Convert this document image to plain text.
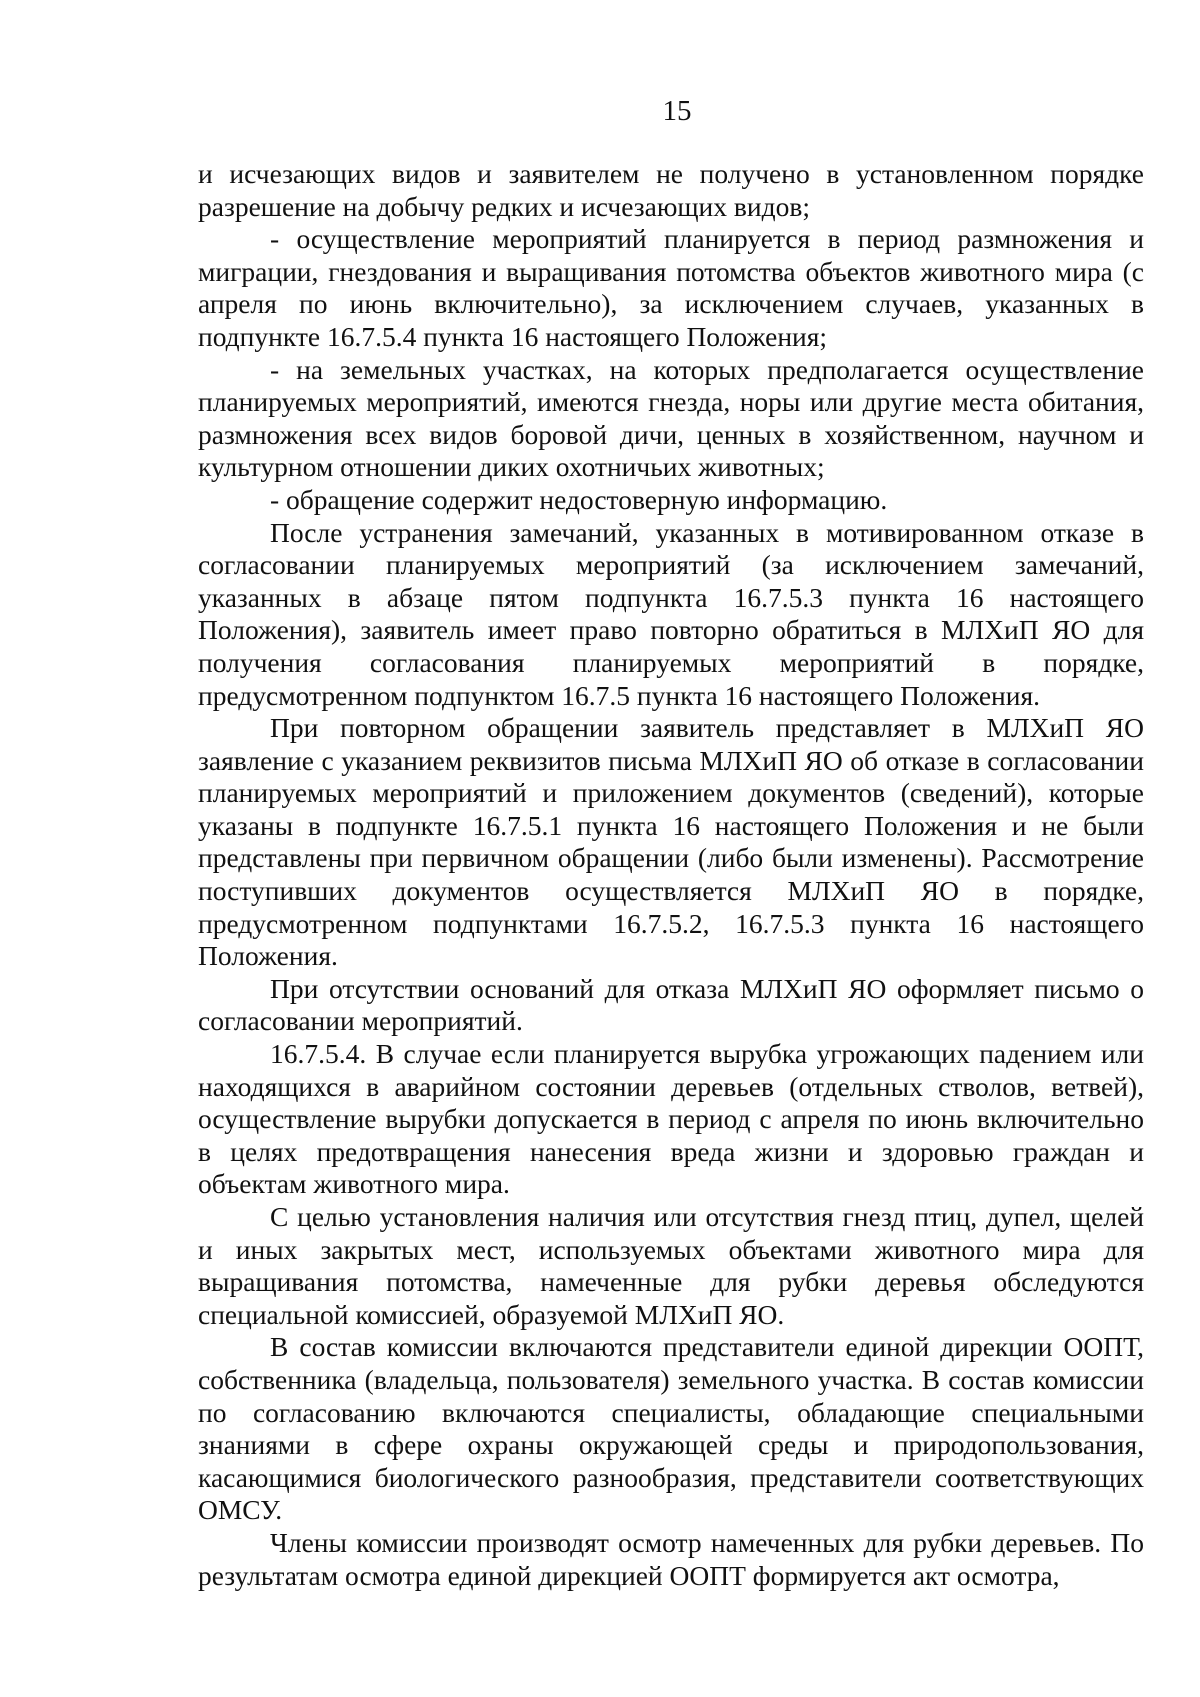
15

и исчезающих видов и заявителем не получено в установленном порядке разрешение на добычу редких и исчезающих видов;

- осуществление мероприятий планируется в период размножения и миграции, гнездования и выращивания потомства объектов животного мира (с апреля по июнь включительно), за исключением случаев, указанных в подпункте 16.7.5.4 пункта 16 настоящего Положения;

- на земельных участках, на которых предполагается осуществление планируемых мероприятий, имеются гнезда, норы или другие места обитания, размножения всех видов боровой дичи, ценных в хозяйственном, научном и культурном отношении диких охотничьих животных;

- обращение содержит недостоверную информацию.

После устранения замечаний, указанных в мотивированном отказе в согласовании планируемых мероприятий (за исключением замечаний, указанных в абзаце пятом подпункта 16.7.5.3 пункта 16 настоящего Положения), заявитель имеет право повторно обратиться в МЛХиП ЯО для получения согласования планируемых мероприятий в порядке, предусмотренном подпунктом 16.7.5 пункта 16 настоящего Положения.

При повторном обращении заявитель представляет в МЛХиП ЯО заявление с указанием реквизитов письма МЛХиП ЯО об отказе в согласовании планируемых мероприятий и приложением документов (сведений), которые указаны в подпункте 16.7.5.1 пункта 16 настоящего Положения и не были представлены при первичном обращении (либо были изменены). Рассмотрение поступивших документов осуществляется МЛХиП ЯО в порядке, предусмотренном подпунктами 16.7.5.2, 16.7.5.3 пункта 16 настоящего Положения.

При отсутствии оснований для отказа МЛХиП ЯО оформляет письмо о согласовании мероприятий.

16.7.5.4. В случае если планируется вырубка угрожающих падением или находящихся в аварийном состоянии деревьев (отдельных стволов, ветвей), осуществление вырубки допускается в период с апреля по июнь включительно в целях предотвращения нанесения вреда жизни и здоровью граждан и объектам животного мира.

С целью установления наличия или отсутствия гнезд птиц, дупел, щелей и иных закрытых мест, используемых объектами животного мира для выращивания потомства, намеченные для рубки деревья обследуются специальной комиссией, образуемой МЛХиП ЯО.

В состав комиссии включаются представители единой дирекции ООПТ, собственника (владельца, пользователя) земельного участка. В состав комиссии по согласованию включаются специалисты, обладающие специальными знаниями в сфере охраны окружающей среды и природопользования, касающимися биологического разнообразия, представители соответствующих ОМСУ.

Члены комиссии производят осмотр намеченных для рубки деревьев. По результатам осмотра единой дирекцией ООПТ формируется акт осмотра,
